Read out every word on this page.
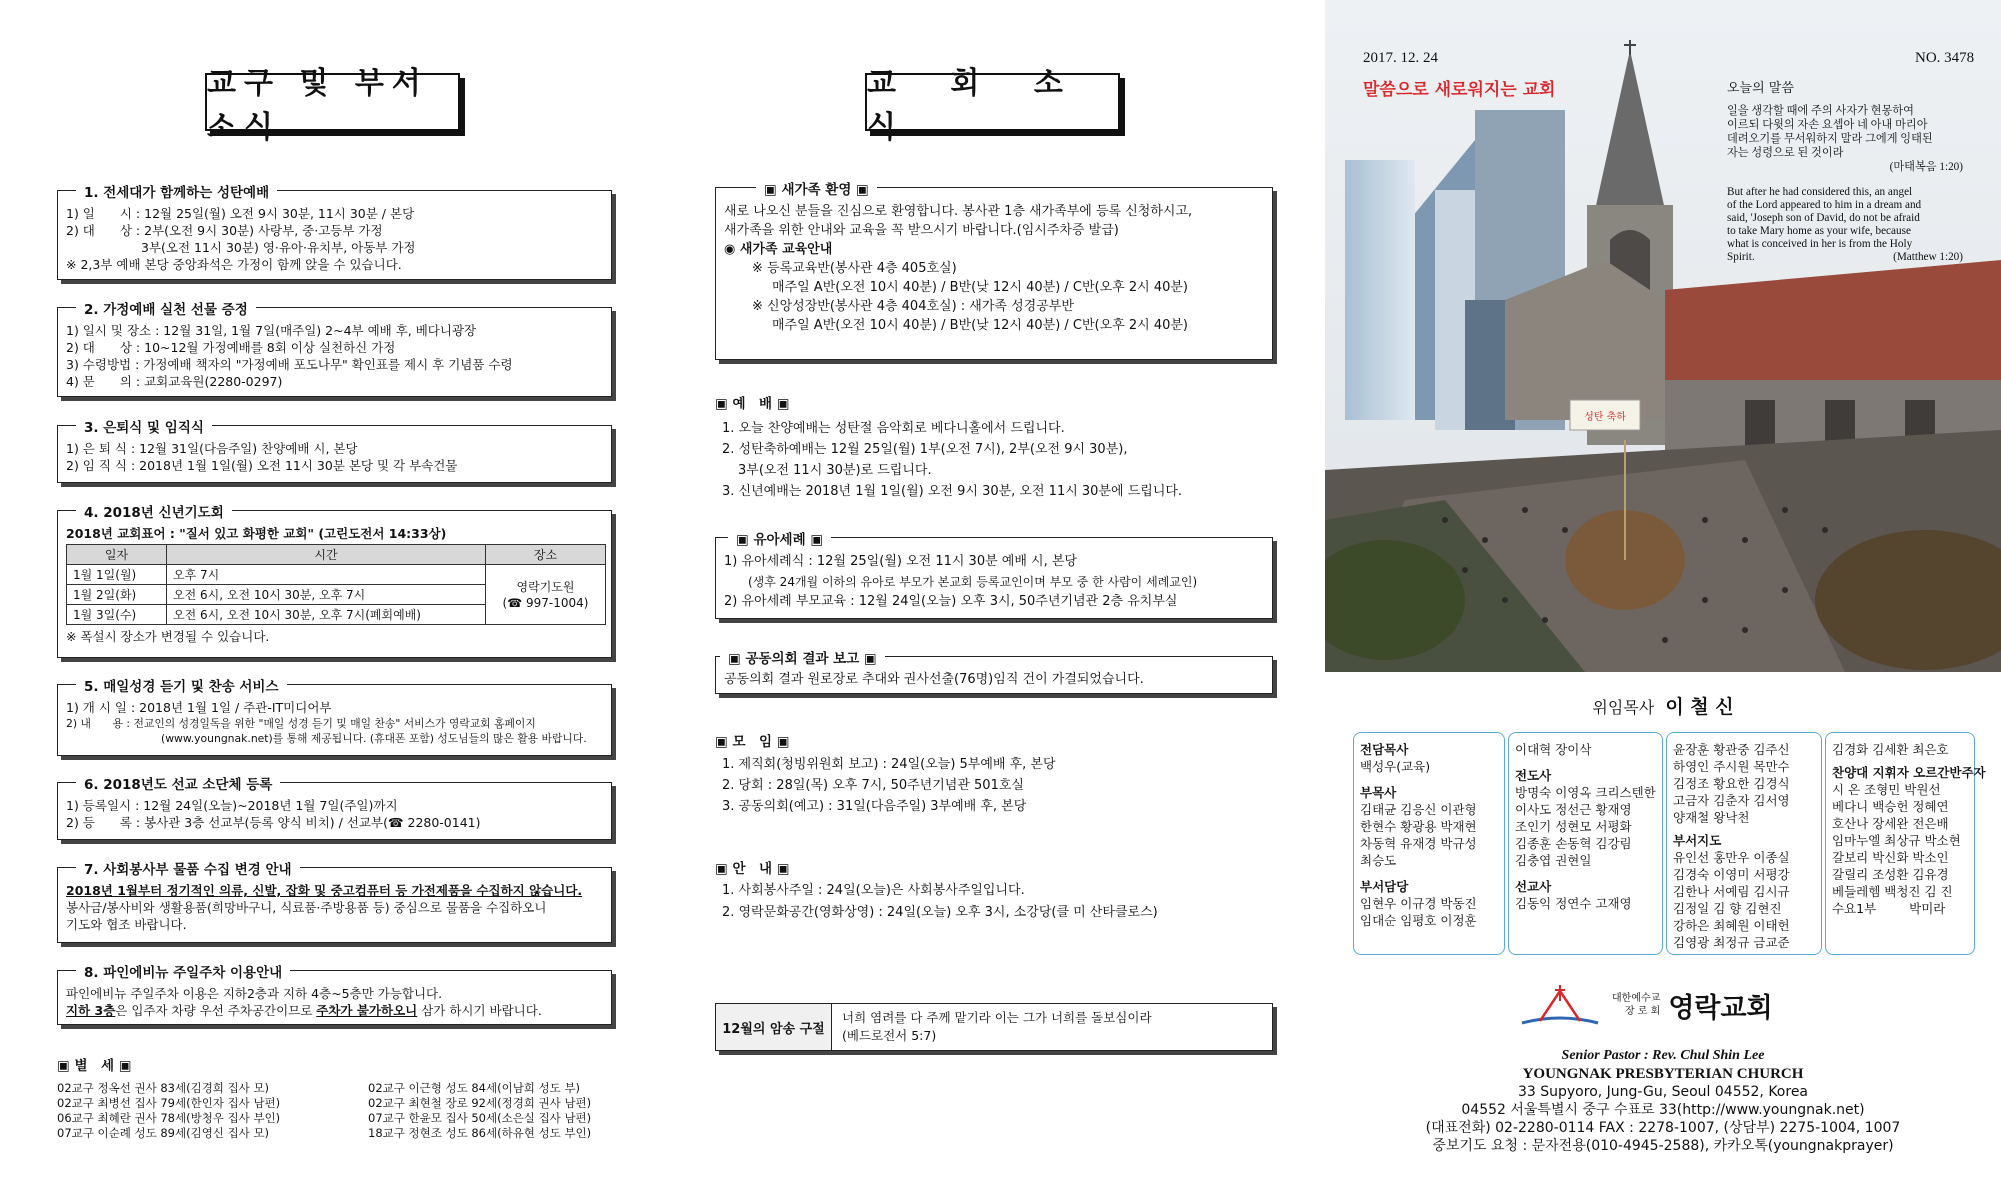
교구 및 부서소식
1. 전세대가 함께하는 성탄예배
1) 일　　시 : 12월 25일(월) 오전 9시 30분, 11시 30분 / 본당
2) 대　　상 : 2부(오전 9시 30분) 사랑부, 중·고등부 가정
　　　　　　3부(오전 11시 30분) 영·유아·유치부, 아동부 가정
※ 2,3부 예배 본당 중앙좌석은 가정이 함께 앉을 수 있습니다.
2. 가정예배 실천 선물 증정
1) 일시 및 장소 : 12월 31일, 1월 7일(매주일) 2~4부 예배 후, 베다니광장
2) 대　　상 : 10~12월 가정예배를 8회 이상 실천하신 가정
3) 수령방법 : 가정예배 책자의 "가정예배 포도나무" 확인표를 제시 후 기념품 수령
4) 문　　의 : 교회교육원(2280-0297)
3. 은퇴식 및 임직식
1) 은 퇴 식 : 12월 31일(다음주일) 찬양예배 시, 본당
2) 임 직 식 : 2018년 1월 1일(월) 오전 11시 30분 본당 및 각 부속건물
4. 2018년 신년기도회
2018년 교회표어 : "질서 있고 화평한 교회" (고린도전서 14:33상)
일자	시간	장소
1월 1일(월)	오후 7시	영락기도원
(☎ 997-1004)

1월 2일(화)	오전 6시, 오전 10시 30분, 오후 7시	
1월 3일(수)	오전 6시, 오전 10시 30분, 오후 7시(폐회예배)	
※ 폭설시 장소가 변경될 수 있습니다.
5. 매일성경 듣기 및 찬송 서비스
1) 개 시 일 : 2018년 1월 1일 / 주관-IT미디어부
2) 내　　용 : 전교인의 성경일독을 위한 "매일 성경 듣기 및 매일 찬송" 서비스가 영락교회 홈페이지
(www.youngnak.net)를 통해 제공됩니다. (휴대폰 포함) 성도님들의 많은 활용 바랍니다.
6. 2018년도 선교 소단체 등록
1) 등록일시 : 12월 24일(오늘)~2018년 1월 7일(주일)까지
2) 등　　록 : 봉사관 3층 선교부(등록 양식 비치) / 선교부(☎ 2280-0141)
7. 사회봉사부 물품 수집 변경 안내
2018년 1월부터 정기적인 의류, 신발, 잡화 및 중고컴퓨터 등 가전제품을 수집하지 않습니다.
봉사금/봉사비와 생활용품(희망바구니, 식료품·주방용품 등) 중심으로 물품을 수집하오니
기도와 협조 바랍니다.
8. 파인에비뉴 주일주차 이용안내
파인에비뉴 주일주차 이용은 지하2층과 지하 4층~5층만 가능합니다.
지하 3층은 입주자 차량 우선 주차공간이므로 주차가 불가하오니 삼가 하시기 바랍니다.
▣ 별　세 ▣
02교구 정옥선 권사 83세(김경희 집사 모)
02교구 최병선 집사 79세(한인자 집사 남편)
06교구 최혜란 권사 78세(방청우 집사 부인)
07교구 이순례 성도 89세(김영신 집사 모)
02교구 이근형 성도 84세(이남희 성도 부)
02교구 최현철 장로 92세(정경희 권사 남편)
07교구 한윤모 집사 50세(소은실 집사 남편)
18교구 정현조 성도 86세(하유현 성도 부인)
교 회 소 식
▣ 새가족 환영 ▣
새로 나오신 분들을 진심으로 환영합니다. 봉사관 1층 새가족부에 등록 신청하시고,
새가족을 위한 안내와 교육을 꼭 받으시기 바랍니다.(임시주차증 발급)
◉ 새가족 교육안내
※ 등록교육반(봉사관 4층 405호실)
매주일 A반(오전 10시 40분) / B반(낮 12시 40분) / C반(오후 2시 40분)
※ 신앙성장반(봉사관 4층 404호실) : 새가족 성경공부반
매주일 A반(오전 10시 40분) / B반(낮 12시 40분) / C반(오후 2시 40분)
▣ 예　배 ▣
1. 오늘 찬양예배는 성탄절 음악회로 베다니홀에서 드립니다.
2. 성탄축하예배는 12월 25일(월) 1부(오전 7시), 2부(오전 9시 30분),
3부(오전 11시 30분)로 드립니다.
3. 신년예배는 2018년 1월 1일(월) 오전 9시 30분, 오전 11시 30분에 드립니다.
▣ 유아세례 ▣
1) 유아세례식 : 12월 25일(월) 오전 11시 30분 예배 시, 본당
(생후 24개월 이하의 유아로 부모가 본교회 등록교인이며 부모 중 한 사람이 세례교인)
2) 유아세례 부모교육 : 12월 24일(오늘) 오후 3시, 50주년기념관 2층 유치부실
▣ 공동의회 결과 보고 ▣
공동의회 결과 원로장로 추대와 권사선출(76명)임직 건이 가결되었습니다.
▣ 모　임 ▣
1. 제직회(청빙위원회 보고) : 24일(오늘) 5부예배 후, 본당
2. 당회 : 28일(목) 오후 7시, 50주년기념관 501호실
3. 공동의회(예고) : 31일(다음주일) 3부예배 후, 본당
▣ 안　내 ▣
1. 사회봉사주일 : 24일(오늘)은 사회봉사주일입니다.
2. 영락문화공간(영화상영) : 24일(오늘) 오후 3시, 소강당(클 미 산타클로스)
12월의 암송 구절
너희 염려를 다 주께 맡기라 이는 그가 너희를 돌보심이라
(베드로전서 5:7)
성탄 축하
2017. 12. 24	NO. 3478
말씀으로 새로워지는 교회	오늘의 말씀
일을 생각할 때에 주의 사자가 현몽하여
이르되 다윗의 자손 요셉아 네 아내 마리아
데려오기를 무서워하지 말라 그에게 잉태된
자는 성령으로 된 것이라
(마태복음 1:20)
But after he had considered this, an angel
of the Lord appeared to him in a dream and
said, 'Joseph son of David, do not be afraid
to take Mary home as your wife, because
what is conceived in her is from the Holy
Spirit.	(Matthew 1:20)
위임목사 이 철 신
전담목사
백성우(교육)
부목사
김태균 김응신 이관형
한현수 황광용 박재현
차동혁 유재경 박규성
최승도
부서담당
임현우 이규경 박동진
임대순 임평호 이정훈
이대혁 장이삭
전도사
방명숙 이영옥 크리스텐한
이사도 정선근 황재영
조인기 성현모 서평화
김종훈 손동혁 김강림
김충엽 권현일
선교사
김동익 정연수 고재영
윤장훈 황관중 김주신
하영인 주시원 목만수
김정조 황요한 김경식
고금자 김춘자 김서영
양재철 왕낙천
부서지도
유인선 홍만우 이종실
김경숙 이영미 서평강
김한나 서예림 김시규
김정일 김 향 김현진
강하은 최혜원 이태헌
김영광 최정규 금교준
김경화 김세환 최은호
찬양대 지휘자 오르간반주자
시 온 조형민 박원선
베다니 백승헌 정혜연
호산나 장세완 전은배
임마누엘 최상규 박소현
갈보리 박신화 박소인
갈릴리 조성환 김유경
베들레헴 백청진 김 진
수요1부 　　 박미라
대한예수교
장 로 회 영락교회
Senior Pastor : Rev. Chul Shin Lee
YOUNGNAK PRESBYTERIAN CHURCH
33 Supyoro, Jung-Gu, Seoul 04552, Korea
04552 서울특별시 중구 수표로 33(http://www.youngnak.net)
(대표전화) 02-2280-0114 FAX : 2278-1007, (상담부) 2275-1004, 1007
중보기도 요청 : 문자전용(010-4945-2588), 카카오톡(youngnakprayer)
